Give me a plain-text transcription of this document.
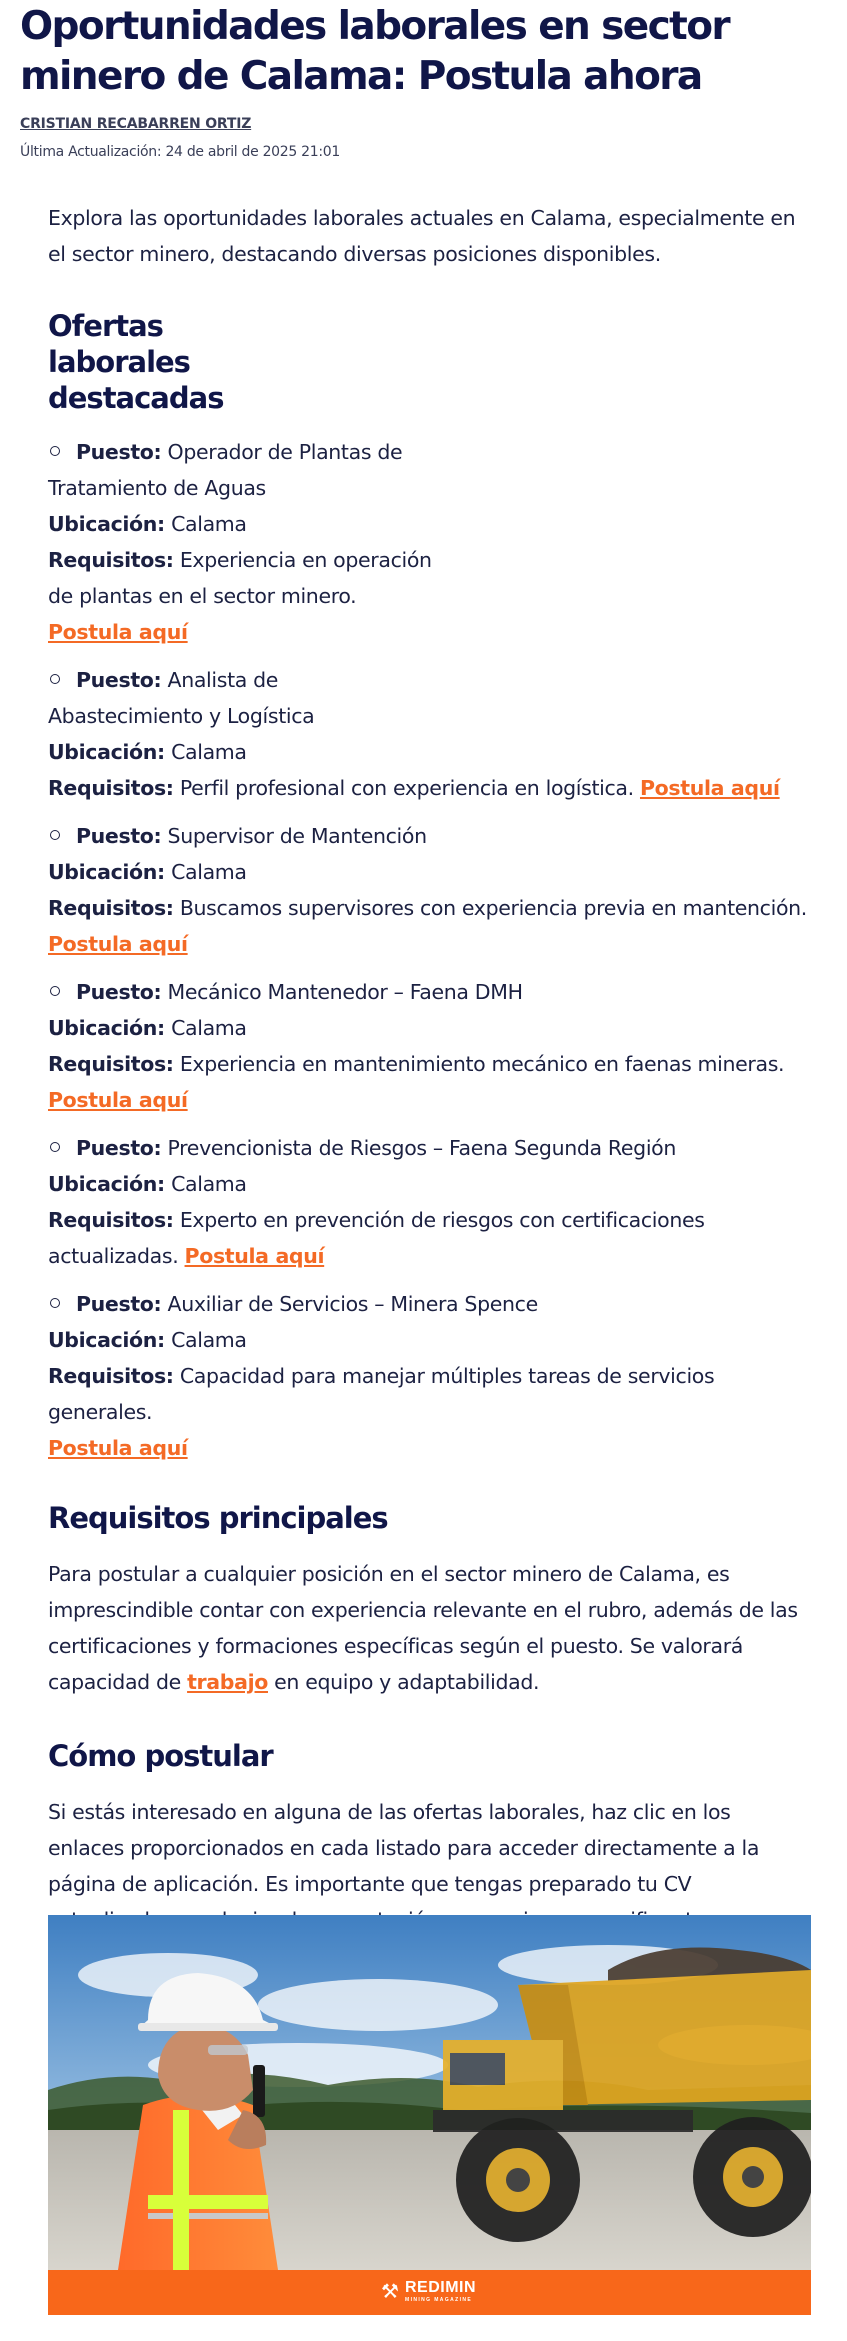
Oportunidades laborales en sector minero de Calama: Postula ahora
CRISTIAN RECABARREN ORTIZ
Última Actualización: 24 de abril de 2025 21:01

Explora las oportunidades laborales actuales en Calama, especialmente en el sector minero, destacando diversas posiciones disponibles.

Ofertas laborales destacadas

Puesto: Operador de Plantas de Tratamiento de Aguas

Ubicación: Calama

Requisitos: Experiencia en operación de plantas en el sector minero.

Postula aquí

Puesto: Analista de Abastecimiento y Logística

Ubicación: Calama

Requisitos: Perfil profesional con experiencia en logística. Postula aquí

Puesto: Supervisor de Mantención

Ubicación: Calama

Requisitos: Buscamos supervisores con experiencia previa en mantención.

Postula aquí

Puesto: Mecánico Mantenedor – Faena DMH

Ubicación: Calama

Requisitos: Experiencia en mantenimiento mecánico en faenas mineras.

Postula aquí

Puesto: Prevencionista de Riesgos – Faena Segunda Región

Ubicación: Calama

Requisitos: Experto en prevención de riesgos con certificaciones actualizadas. Postula aquí

Puesto: Auxiliar de Servicios – Minera Spence

Ubicación: Calama

Requisitos: Capacidad para manejar múltiples tareas de servicios generales.

Postula aquí

Requisitos principales

Para postular a cualquier posición en el sector minero de Calama, es imprescindible contar con experiencia relevante en el rubro, además de las certificaciones y formaciones específicas según el puesto. Se valorará capacidad de trabajo en equipo y adaptabilidad.

Cómo postular

Si estás interesado en alguna de las ofertas laborales, haz clic en los enlaces proporcionados en cada listado para acceder directamente a la página de aplicación. Es importante que tengas preparado tu CV

⚒ REDIMIN
MINING MAGAZINE
